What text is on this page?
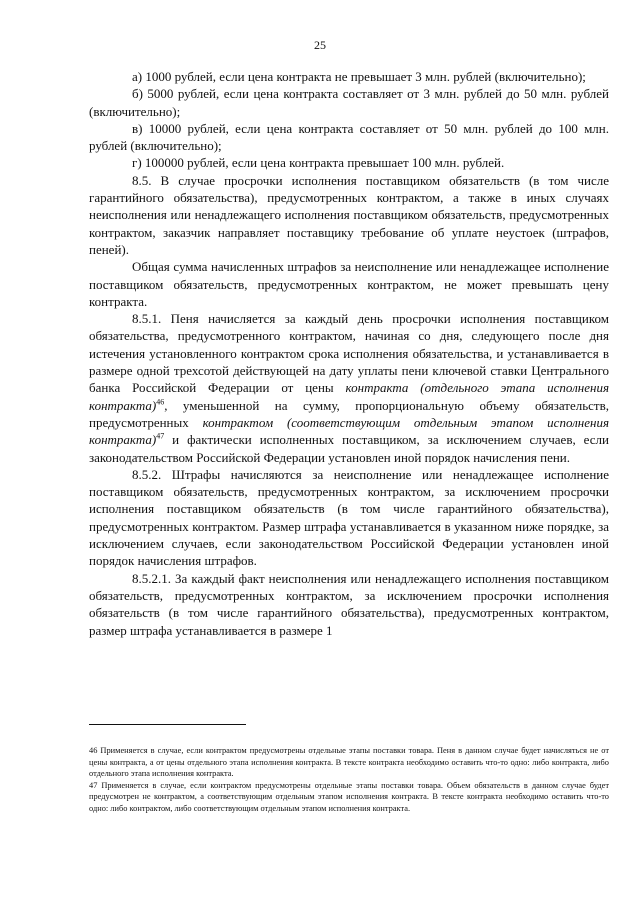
25

а) 1000 рублей, если цена контракта не превышает 3 млн. рублей (включительно);

б) 5000 рублей, если цена контракта составляет от 3 млн. рублей до 50 млн. рублей (включительно);

в) 10000 рублей, если цена контракта составляет от 50 млн. рублей до 100 млн. рублей (включительно);

г) 100000 рублей, если цена контракта превышает 100 млн. рублей.

8.5. В случае просрочки исполнения поставщиком обязательств (в том числе гарантийного обязательства), предусмотренных контрактом, а также в иных случаях неисполнения или ненадлежащего исполнения поставщиком обязательств, предусмотренных контрактом, заказчик направляет поставщику требование об уплате неустоек (штрафов, пеней).

Общая сумма начисленных штрафов за неисполнение или ненадлежащее исполнение поставщиком обязательств, предусмотренных контрактом, не может превышать цену контракта.

8.5.1. Пеня начисляется за каждый день просрочки исполнения поставщиком обязательства, предусмотренного контрактом, начиная со дня, следующего после дня истечения установленного контрактом срока исполнения обязательства, и устанавливается в размере одной трехсотой действующей на дату уплаты пени ключевой ставки Центрального банка Российской Федерации от цены контракта (отдельного этапа исполнения контракта)$^{46}$, уменьшенной на сумму, пропорциональную объему обязательств, предусмотренных контрактом (соответствующим отдельным этапом исполнения контракта)$^{47}$ и фактически исполненных поставщиком, за исключением случаев, если законодательством Российской Федерации установлен иной порядок начисления пени.

8.5.2. Штрафы начисляются за неисполнение или ненадлежащее исполнение поставщиком обязательств, предусмотренных контрактом, за исключением просрочки исполнения поставщиком обязательств (в том числе гарантийного обязательства), предусмотренных контрактом. Размер штрафа устанавливается в указанном ниже порядке, за исключением случаев, если законодательством Российской Федерации установлен иной порядок начисления штрафов.

8.5.2.1. За каждый факт неисполнения или ненадлежащего исполнения поставщиком обязательств, предусмотренных контрактом, за исключением просрочки исполнения обязательств (в том числе гарантийного обязательства), предусмотренных контрактом, размер штрафа устанавливается в размере 1

46 Применяется в случае, если контрактом предусмотрены отдельные этапы поставки товара. Пеня в данном случае будет начисляться не от цены контракта, а от цены отдельного этапа исполнения контракта. В тексте контракта необходимо оставить что-то одно: либо контракта, либо отдельного этапа исполнения контракта.

47 Применяется в случае, если контрактом предусмотрены отдельные этапы поставки товара. Объем обязательств в данном случае будет предусмотрен не контрактом, а соответствующим отдельным этапом исполнения контракта. В тексте контракта необходимо оставить что-то одно: либо контрактом, либо соответствующим отдельным этапом исполнения контракта.
